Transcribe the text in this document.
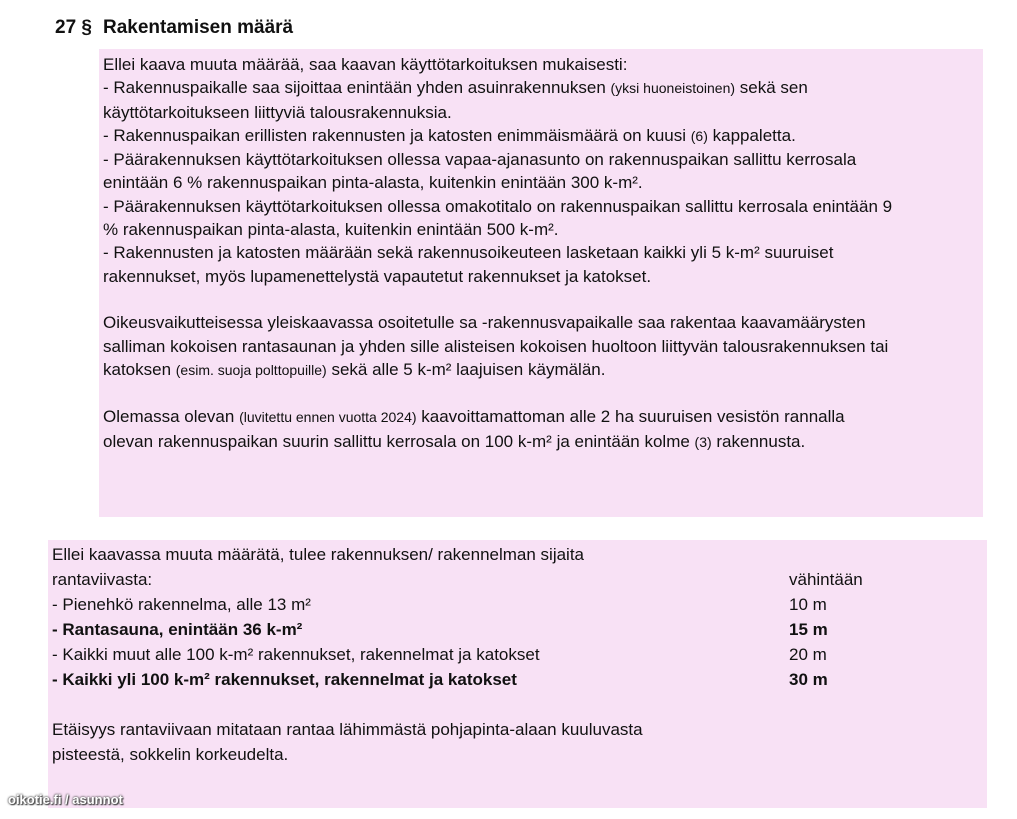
27 § Rakentamisen määrä
Ellei kaava muuta määrää, saa kaavan käyttötarkoituksen mukaisesti:
- Rakennuspaikalle saa sijoittaa enintään yhden asuinrakennuksen (yksi huoneistoinen) sekä sen
käyttötarkoitukseen liittyviä talousrakennuksia.
- Rakennuspaikan erillisten rakennusten ja katosten enimmäismäärä on kuusi (6) kappaletta.
- Päärakennuksen käyttötarkoituksen ollessa vapaa-ajanasunto on rakennuspaikan sallittu kerrosala
enintään 6 % rakennuspaikan pinta-alasta, kuitenkin enintään 300 k-m².
- Päärakennuksen käyttötarkoituksen ollessa omakotitalo on rakennuspaikan sallittu kerrosala enintään 9
% rakennuspaikan pinta-alasta, kuitenkin enintään 500 k-m².
- Rakennusten ja katosten määrään sekä rakennusoikeuteen lasketaan kaikki yli 5 k-m² suuruiset
rakennukset, myös lupamenettelystä vapautetut rakennukset ja katokset.
Oikeusvaikutteisessa yleiskaavassa osoitetulle sa -rakennusvapaikalle saa rakentaa kaavamäärysten
salliman kokoisen rantasaunan ja yhden sille alisteisen kokoisen huoltoon liittyvän talousrakennuksen tai
katoksen (esim. suoja polttopuille) sekä alle 5 k-m² laajuisen käymälän.
Olemassa olevan (luvitettu ennen vuotta 2024) kaavoittamattoman alle 2 ha suuruisen vesistön rannalla
olevan rakennuspaikan suurin sallittu kerrosala on 100 k-m² ja enintään kolme (3) rakennusta.
Ellei kaavassa muuta määrätä, tulee rakennuksen/ rakennelman sijaita
rantaviivasta:	vähintään
- Pienehkö rakennelma, alle 13 m²	10 m
- Rantasauna, enintään 36 k-m²	15 m
- Kaikki muut alle 100 k-m² rakennukset, rakennelmat ja katokset	20 m
- Kaikki yli 100 k-m² rakennukset, rakennelmat ja katokset	30 m
Etäisyys rantaviivaan mitataan rantaa lähimmästä pohjapinta-alaan kuuluvasta
pisteestä, sokkelin korkeudelta.
oikotie.fi / asunnot
